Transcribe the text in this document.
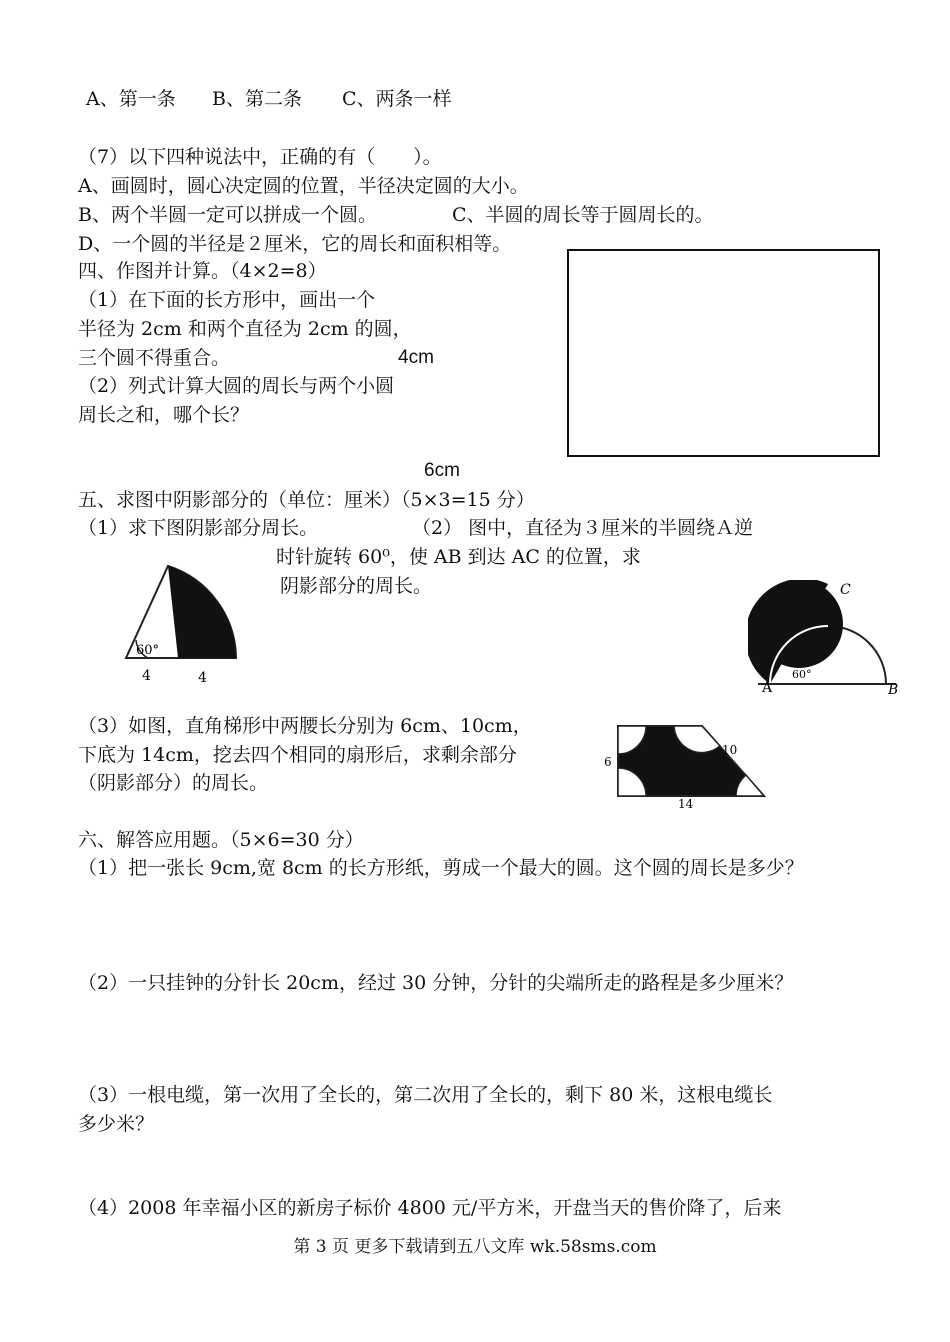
A、第一条 B、第二条 C、两条一样
（7）以下四种说法中，正确的有（　　）。
A、画圆时，圆心决定圆的位置，半径决定圆的大小。
B、两个半圆一定可以拼成一个圆。	C、半圆的周长等于圆周长的。
D、一个圆的半径是２厘米，它的周长和面积相等。
四、作图并计算。（4×2=8）
（1）在下面的长方形中，画出一个
半径为 2cm 和两个直径为 2cm 的圆，
三个圆不得重合。	4cm
（2）列式计算大圆的周长与两个小圆
周长之和，哪个长？
6cm
五、求图中阴影部分的（单位：厘米）（5×3=15 分）
（1）求下图阴影部分周长。	（2） 图中，直径为３厘米的半圆绕Ａ逆
时针旋转 60⁰，使 AB 到达 AC 的位置，求
阴影部分的周长。
60°
4	4
A	B
C
60°
（3）如图，直角梯形中两腰长分别为 6cm、10cm，
下底为 14cm，挖去四个相同的扇形后，求剩余部分
（阴影部分）的周长。
6
10
14
六、解答应用题。（5×6=30 分）
（1）把一张长 9cm,宽 8cm 的长方形纸，剪成一个最大的圆。这个圆的周长是多少？
（2）一只挂钟的分针长 20cm，经过 30 分钟，分针的尖端所走的路程是多少厘米？
（3）一根电缆，第一次用了全长的，第二次用了全长的，剩下 80 米，这根电缆长
多少米？
（4）2008 年幸福小区的新房子标价 4800 元/平方米，开盘当天的售价降了，后来
第 3 页 更多下载请到五八文库 wk.58sms.com
